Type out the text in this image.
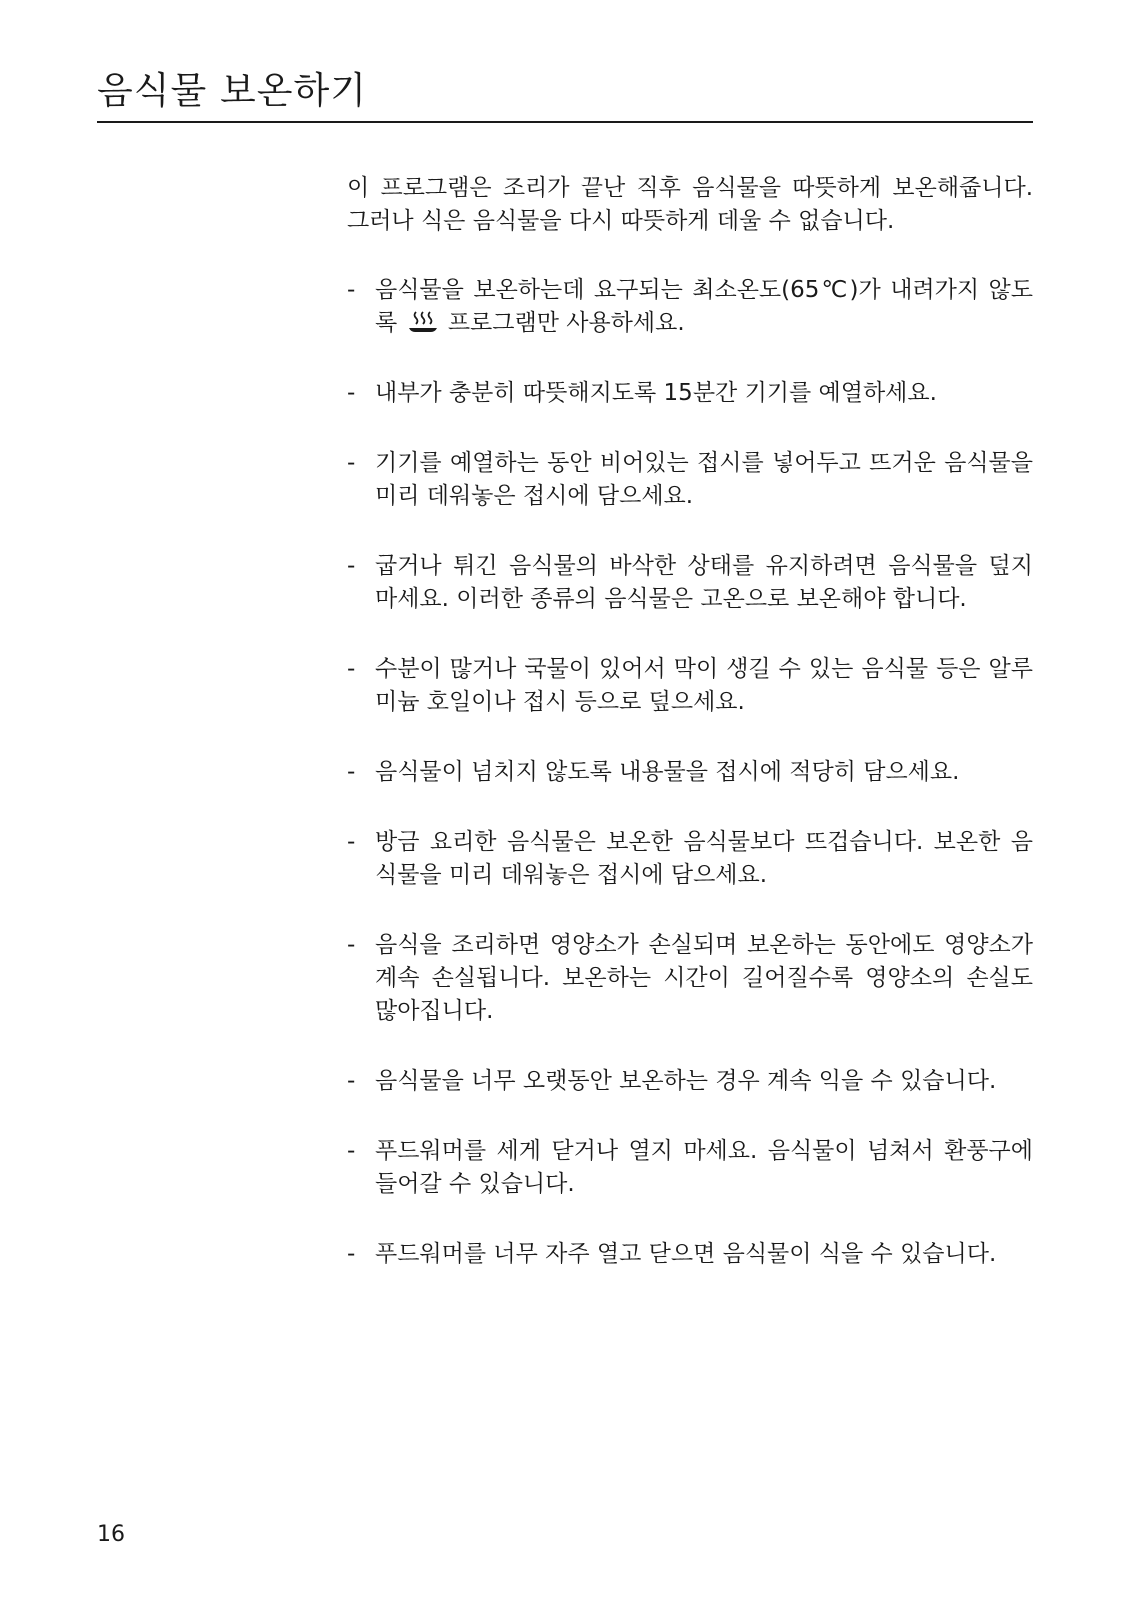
음식물 보온하기

이 프로그램은 조리가 끝난 직후 음식물을 따뜻하게 보온해줍니다. 그러나 식은 음식물을 다시 따뜻하게 데울 수 없습니다.

- 음식물을 보온하는데 요구되는 최소온도(65℃)가 내려가지 않도록 프로그램만 사용하세요.
- 내부가 충분히 따뜻해지도록 15분간 기기를 예열하세요.
- 기기를 예열하는 동안 비어있는 접시를 넣어두고 뜨거운 음식물을 미리 데워놓은 접시에 담으세요.
- 굽거나 튀긴 음식물의 바삭한 상태를 유지하려면 음식물을 덮지 마세요. 이러한 종류의 음식물은 고온으로 보온해야 합니다.
- 수분이 많거나 국물이 있어서 막이 생길 수 있는 음식물 등은 알루미늄 호일이나 접시 등으로 덮으세요.
- 음식물이 넘치지 않도록 내용물을 접시에 적당히 담으세요.
- 방금 요리한 음식물은 보온한 음식물보다 뜨겁습니다. 보온한 음식물을 미리 데워놓은 접시에 담으세요.
- 음식을 조리하면 영양소가 손실되며 보온하는 동안에도 영양소가 계속 손실됩니다. 보온하는 시간이 길어질수록 영양소의 손실도 많아집니다.
- 음식물을 너무 오랫동안 보온하는 경우 계속 익을 수 있습니다.
- 푸드워머를 세게 닫거나 열지 마세요. 음식물이 넘쳐서 환풍구에 들어갈 수 있습니다.
- 푸드워머를 너무 자주 열고 닫으면 음식물이 식을 수 있습니다.
16
